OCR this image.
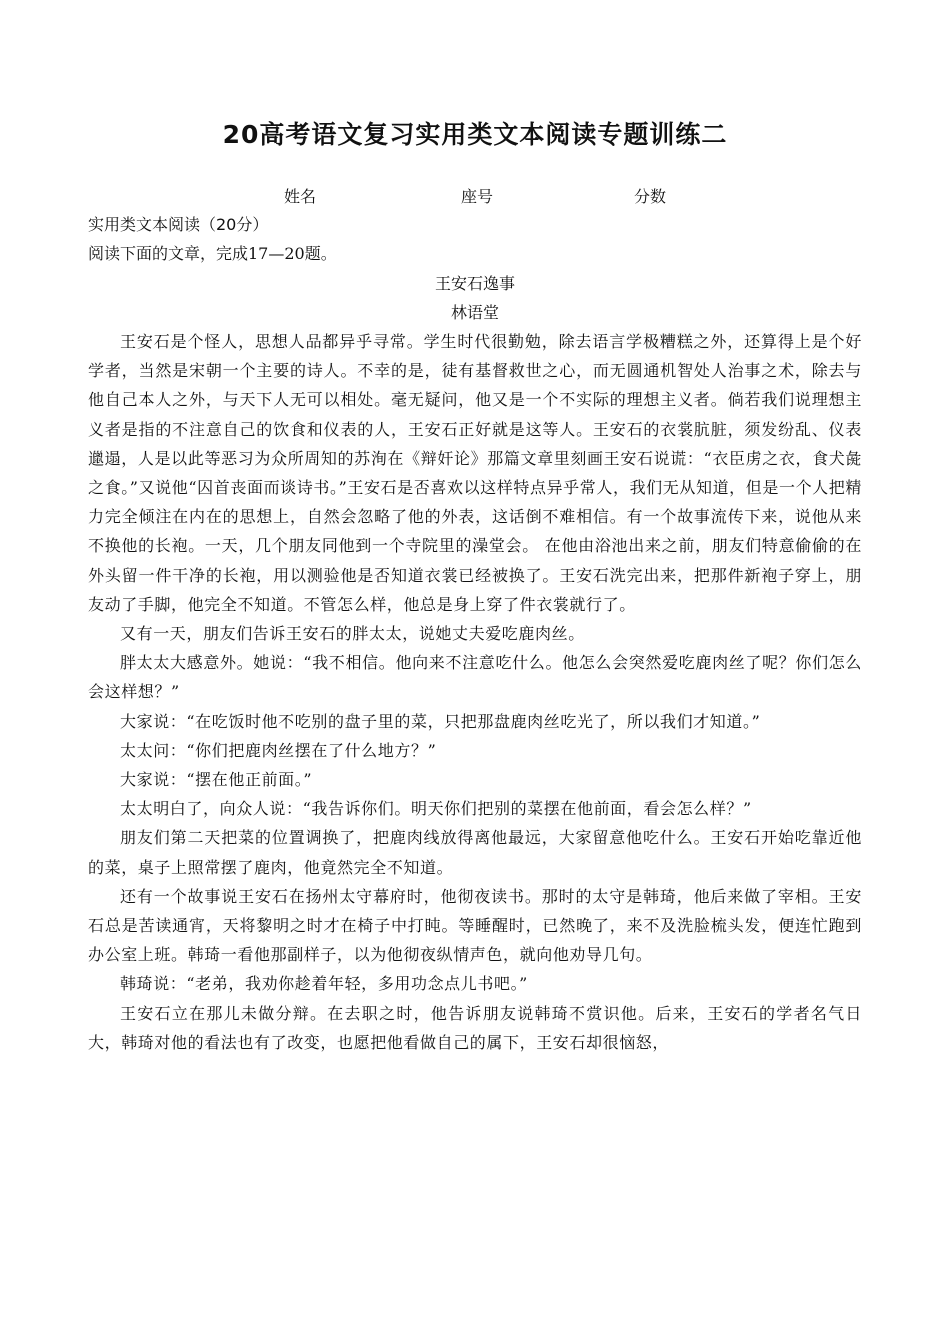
20高考语文复习实用类文本阅读专题训练二
姓名	座号	分数
实用类文本阅读（20分）
阅读下面的文章，完成17—20题。
王安石逸事
林语堂

王安石是个怪人，思想人品都异乎寻常。学生时代很勤勉，除去语言学极糟糕之外，还算得上是个好学者，当然是宋朝一个主要的诗人。不幸的是，徒有基督救世之心，而无圆通机智处人治事之术，除去与他自己本人之外，与天下人无可以相处。毫无疑问，他又是一个不实际的理想主义者。倘若我们说理想主义者是指的不注意自己的饮食和仪表的人，王安石正好就是这等人。王安石的衣裳肮脏，须发纷乱、仪表邋遢，人是以此等恶习为众所周知的苏洵在《辩奸论》那篇文章里刻画王安石说谎：“衣臣虏之衣，食犬彘之食。”又说他“囚首丧面而谈诗书。”王安石是否喜欢以这样特点异乎常人，我们无从知道，但是一个人把精力完全倾注在内在的思想上，自然会忽略了他的外表，这话倒不难相信。有一个故事流传下来，说他从来不换他的长袍。一天，几个朋友同他到一个寺院里的澡堂会。 在他由浴池出来之前，朋友们特意偷偷的在外头留一件干净的长袍，用以测验他是否知道衣裳已经被换了。王安石洗完出来，把那件新袍子穿上，朋友动了手脚，他完全不知道。不管怎么样，他总是身上穿了件衣裳就行了。

又有一天，朋友们告诉王安石的胖太太，说她丈夫爱吃鹿肉丝。

胖太太大感意外。她说：“我不相信。他向来不注意吃什么。他怎么会突然爱吃鹿肉丝了呢？你们怎么会这样想？”

大家说：“在吃饭时他不吃别的盘子里的菜，只把那盘鹿肉丝吃光了，所以我们才知道。”

太太问：“你们把鹿肉丝摆在了什么地方？”

大家说：“摆在他正前面。”

太太明白了，向众人说：“我告诉你们。明天你们把别的菜摆在他前面，看会怎么样？”

朋友们第二天把菜的位置调换了，把鹿肉线放得离他最远，大家留意他吃什么。王安石开始吃靠近他的菜，桌子上照常摆了鹿肉，他竟然完全不知道。

还有一个故事说王安石在扬州太守幕府时，他彻夜读书。那时的太守是韩琦，他后来做了宰相。王安石总是苦读通宵，天将黎明之时才在椅子中打盹。等睡醒时，已然晚了，来不及洗脸梳头发，便连忙跑到办公室上班。韩琦一看他那副样子，以为他彻夜纵情声色，就向他劝导几句。

韩琦说：“老弟，我劝你趁着年轻，多用功念点儿书吧。”

王安石立在那儿未做分辩。在去职之时，他告诉朋友说韩琦不赏识他。后来，王安石的学者名气日大，韩琦对他的看法也有了改变，也愿把他看做自己的属下，王安石却很恼怒，
